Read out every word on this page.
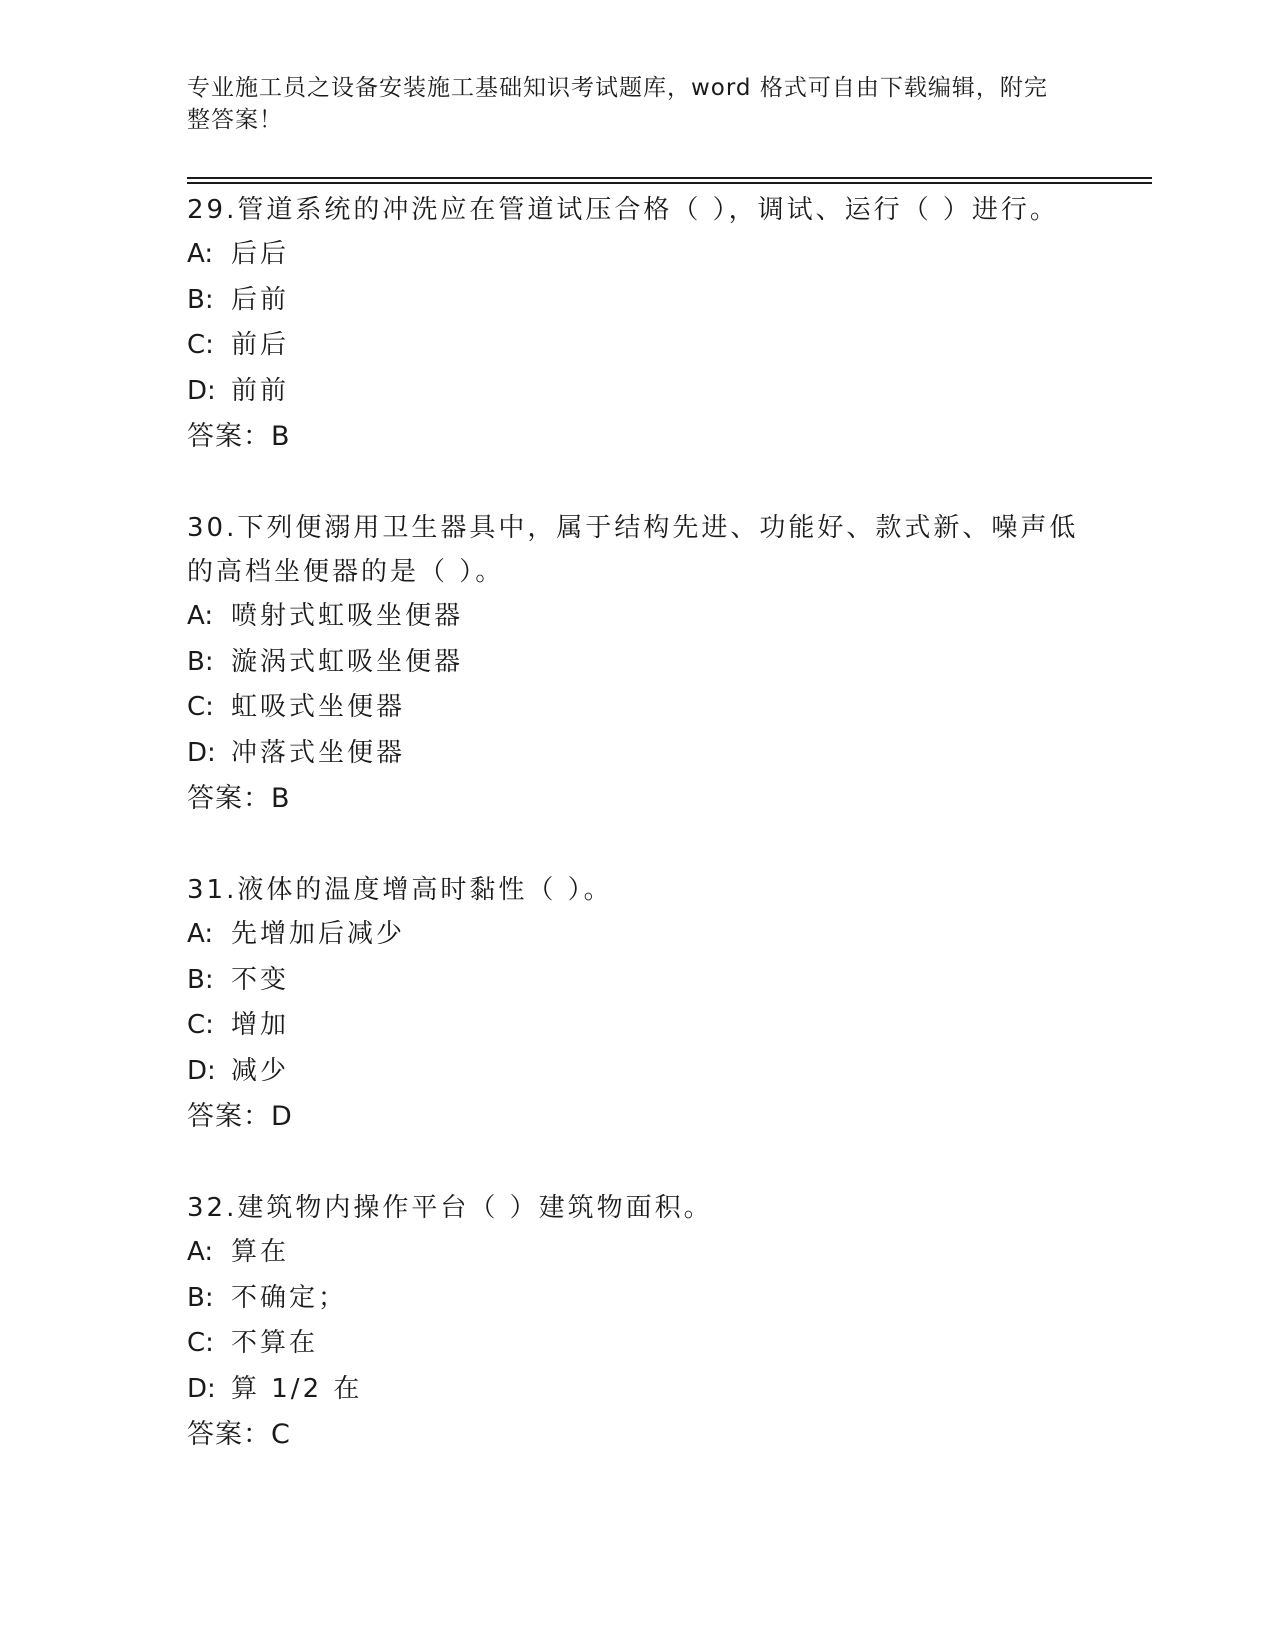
专业施工员之设备安装施工基础知识考试题库，word 格式可自由下载编辑，附完
整答案！
29.管道系统的冲洗应在管道试压合格（ ），调试、运行（ ）进行。
A: 后后
B: 后前
C: 前后
D: 前前
答案：B
30.下列便溺用卫生器具中，属于结构先进、功能好、款式新、噪声低
的高档坐便器的是（ ）。
A: 喷射式虹吸坐便器
B: 漩涡式虹吸坐便器
C: 虹吸式坐便器
D: 冲落式坐便器
答案：B
31.液体的温度增高时黏性（ ）。
A: 先增加后减少
B: 不变
C: 增加
D: 减少
答案：D
32.建筑物内操作平台（ ）建筑物面积。
A: 算在
B: 不确定；
C: 不算在
D: 算 1/2 在
答案：C
